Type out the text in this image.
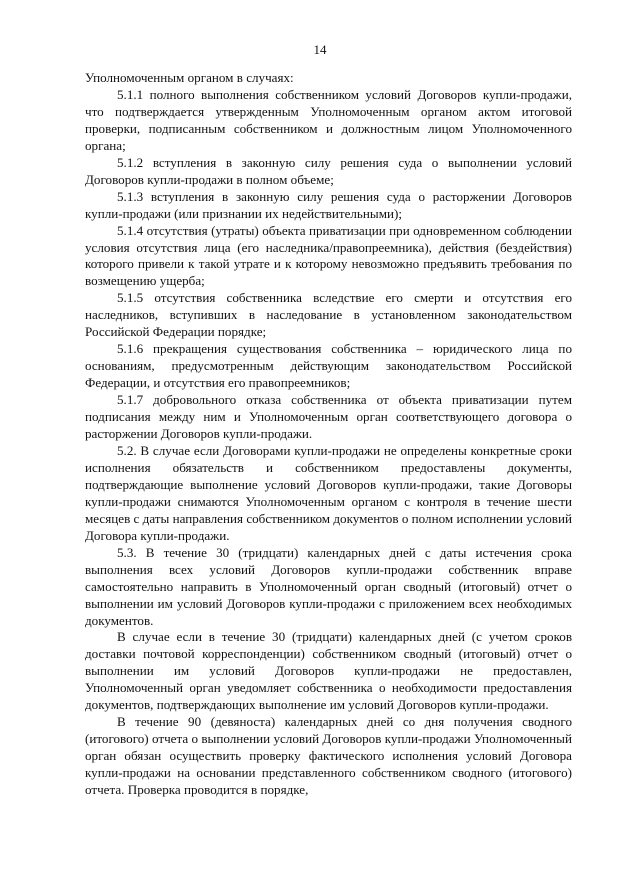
14

Уполномоченным органом в случаях:

5.1.1 полного выполнения собственником условий Договоров купли-продажи, что подтверждается утвержденным Уполномоченным органом актом итоговой проверки, подписанным собственником и должностным лицом Уполномоченного органа;

5.1.2 вступления в законную силу решения суда о выполнении условий Договоров купли-продажи в полном объеме;

5.1.3 вступления в законную силу решения суда о расторжении Договоров купли-продажи (или признании их недействительными);

5.1.4 отсутствия (утраты) объекта приватизации при одновременном соблюдении условия отсутствия лица (его наследника/правопреемника), действия (бездействия) которого привели к такой утрате и к которому невозможно предъявить требования по возмещению ущерба;

5.1.5 отсутствия собственника вследствие его смерти и отсутствия его наследников, вступивших в наследование в установленном законодательством Российской Федерации порядке;

5.1.6 прекращения существования собственника – юридического лица по основаниям, предусмотренным действующим законодательством Российской Федерации, и отсутствия его правопреемников;

5.1.7 добровольного отказа собственника от объекта приватизации путем подписания между ним и Уполномоченным орган соответствующего договора о расторжении Договоров купли-продажи.

5.2. В случае если Договорами купли-продажи не определены конкретные сроки исполнения обязательств и собственником предоставлены документы, подтверждающие выполнение условий Договоров купли-продажи, такие Договоры купли-продажи снимаются Уполномоченным органом с контроля в течение шести месяцев с даты направления собственником документов о полном исполнении условий Договора купли-продажи.

5.3. В течение 30 (тридцати) календарных дней с даты истечения срока выполнения всех условий Договоров купли-продажи собственник вправе самостоятельно направить в Уполномоченный орган сводный (итоговый) отчет о выполнении им условий Договоров купли-продажи с приложением всех необходимых документов.

В случае если в течение 30 (тридцати) календарных дней (с учетом сроков доставки почтовой корреспонденции) собственником сводный (итоговый) отчет о выполнении им условий Договоров купли-продажи не предоставлен, Уполномоченный орган уведомляет собственника о необходимости предоставления документов, подтверждающих выполнение им условий Договоров купли-продажи.

В течение 90 (девяноста) календарных дней со дня получения сводного (итогового) отчета о выполнении условий Договоров купли-продажи Уполномоченный орган обязан осуществить проверку фактического исполнения условий Договора купли-продажи на основании представленного собственником сводного (итогового) отчета. Проверка проводится в порядке,
